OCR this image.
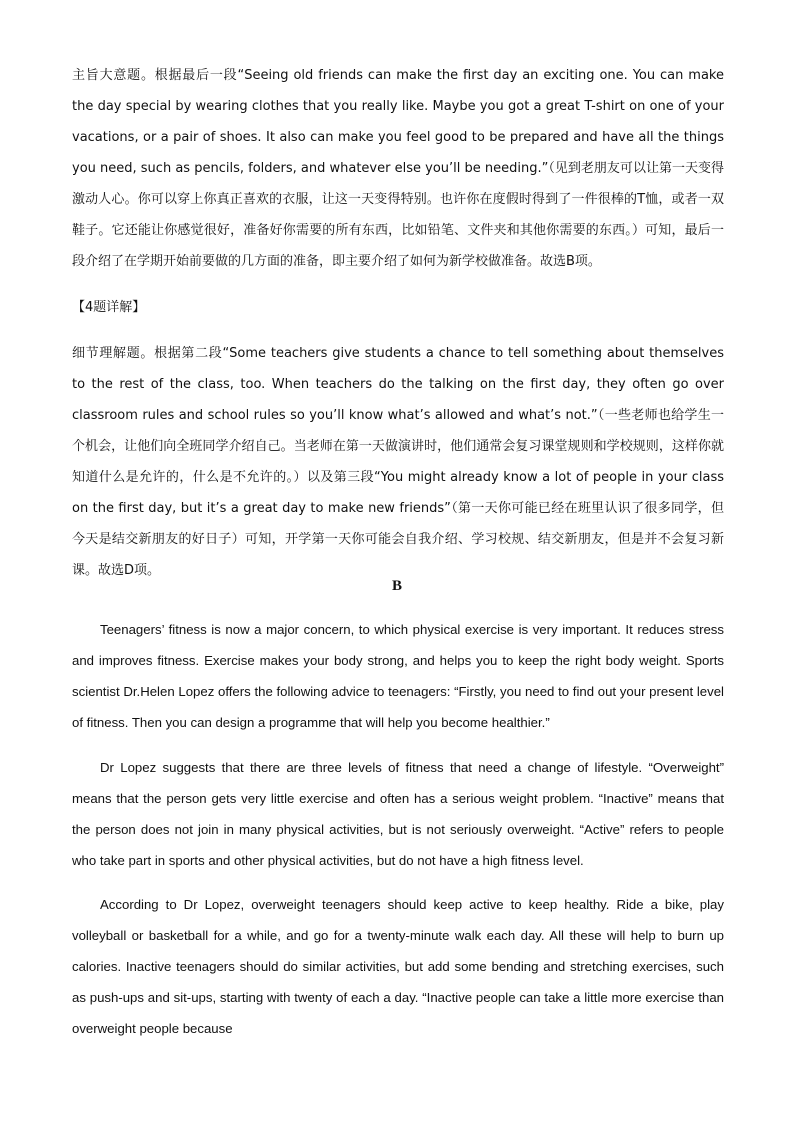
主旨大意题。根据最后一段“Seeing old friends can make the first day an exciting one. You can make the day special by wearing clothes that you really like. Maybe you got a great T-shirt on one of your vacations, or a pair of shoes. It also can make you feel good to be prepared and have all the things you need, such as pencils, folders, and whatever else you’ll be needing.”（见到老朋友可以让第一天变得激动人心。你可以穿上你真正喜欢的衣服，让这一天变得特别。也许你在度假时得到了一件很棒的T恤，或者一双鞋子。它还能让你感觉很好，准备好你需要的所有东西，比如铅笔、文件夹和其他你需要的东西。）可知，最后一段介绍了在学期开始前要做的几方面的准备，即主要介绍了如何为新学校做准备。故选B项。

【4题详解】

细节理解题。根据第二段“Some teachers give students a chance to tell something about themselves to the rest of the class, too. When teachers do the talking on the first day, they often go over classroom rules and school rules so you’ll know what’s allowed and what’s not.”（一些老师也给学生一个机会，让他们向全班同学介绍自己。当老师在第一天做演讲时，他们通常会复习课堂规则和学校规则，这样你就知道什么是允许的，什么是不允许的。）以及第三段“You might already know a lot of people in your class on the first day, but it’s a great day to make new friends”（第一天你可能已经在班里认识了很多同学，但今天是结交新朋友的好日子）可知，开学第一天你可能会自我介绍、学习校规、结交新朋友，但是并不会复习新课。故选D项。

B

Teenagers’ fitness is now a major concern, to which physical exercise is very important. It reduces stress and improves fitness. Exercise makes your body strong, and helps you to keep the right body weight. Sports scientist Dr.Helen Lopez offers the following advice to teenagers: “Firstly, you need to find out your present level of fitness. Then you can design a programme that will help you become healthier.”

Dr Lopez suggests that there are three levels of fitness that need a change of lifestyle. “Overweight” means that the person gets very little exercise and often has a serious weight problem. “Inactive” means that the person does not join in many physical activities, but is not seriously overweight. “Active” refers to people who take part in sports and other physical activities, but do not have a high fitness level.

According to Dr Lopez, overweight teenagers should keep active to keep healthy. Ride a bike, play volleyball or basketball for a while, and go for a twenty-minute walk each day. All these will help to burn up calories. Inactive teenagers should do similar activities, but add some bending and stretching exercises, such as push-ups and sit-ups, starting with twenty of each a day. “Inactive people can take a little more exercise than overweight people because
